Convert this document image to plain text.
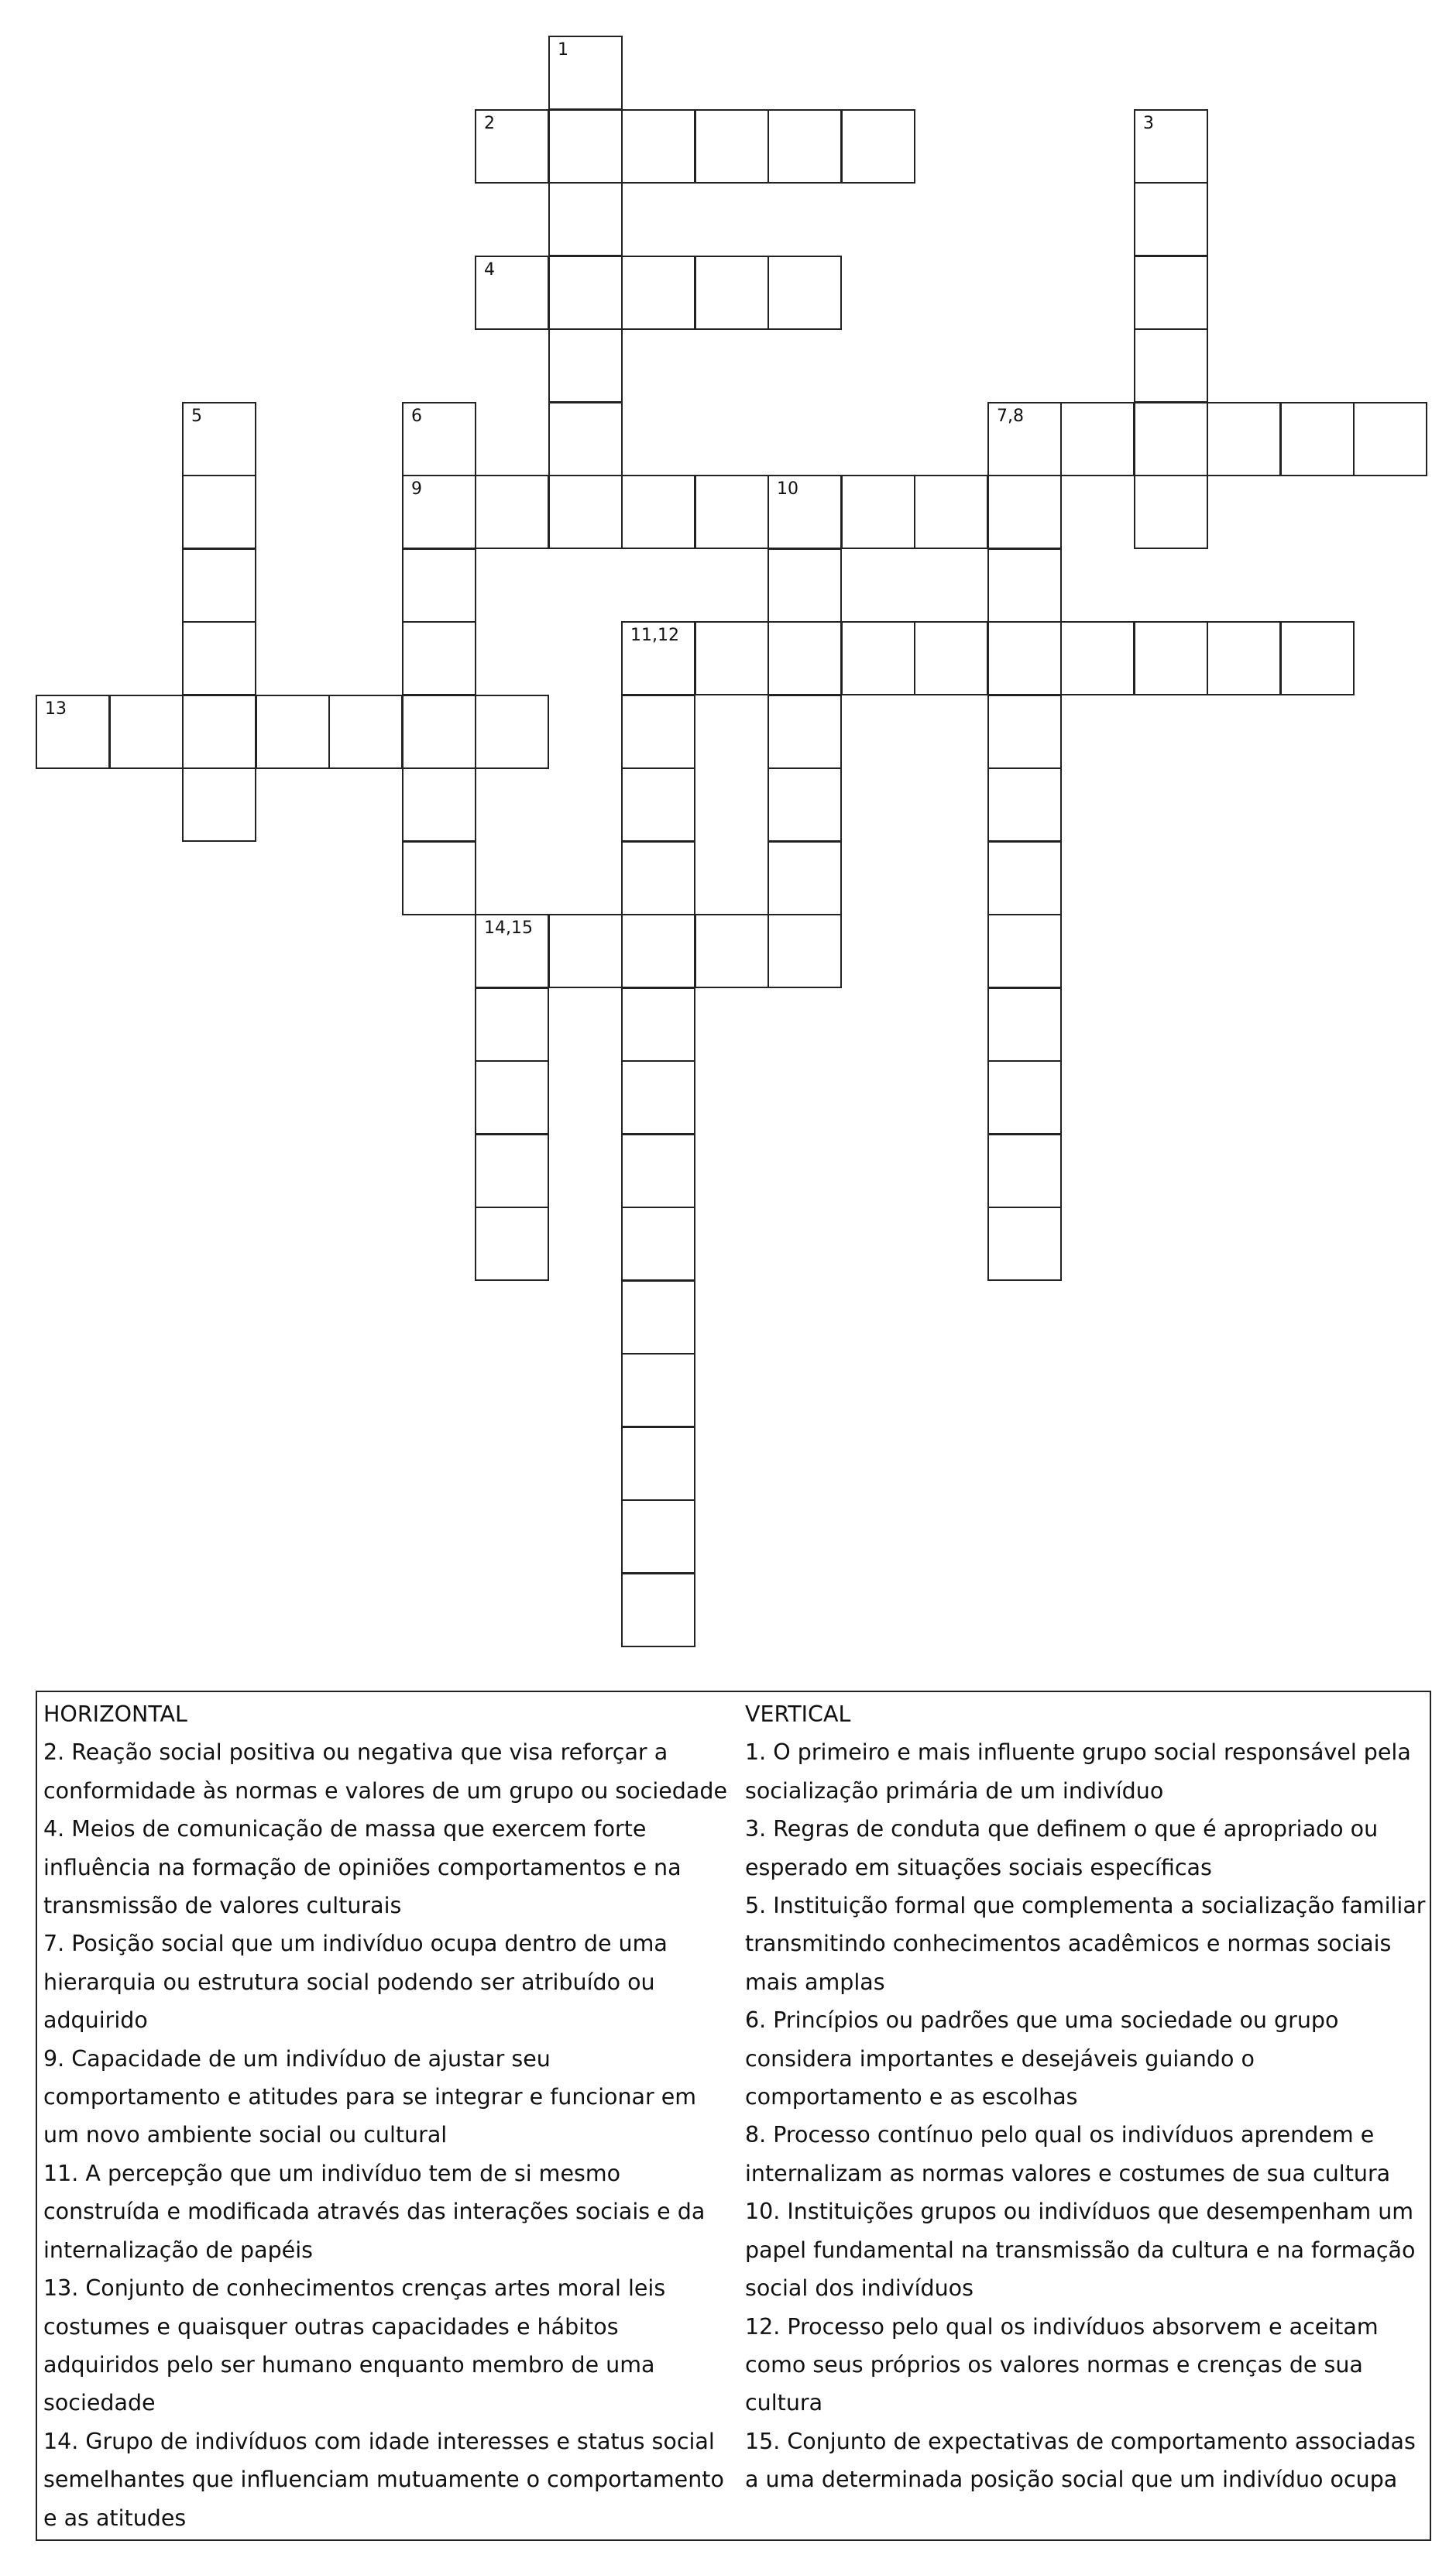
1
2	3
4
5	6	7,8
9	10
11,12
13
14,15
HORIZONTAL
2. Reação social positiva ou negativa que visa reforçar a conformidade às normas e valores de um grupo ou sociedade
4. Meios de comunicação de massa que exercem forte influência na formação de opiniões comportamentos e na transmissão de valores culturais
7. Posição social que um indivíduo ocupa dentro de uma hierarquia ou estrutura social podendo ser atribuído ou adquirido
9. Capacidade de um indivíduo de ajustar seu comportamento e atitudes para se integrar e funcionar em um novo ambiente social ou cultural
11. A percepção que um indivíduo tem de si mesmo construída e modificada através das interações sociais e da internalização de papéis
13. Conjunto de conhecimentos crenças artes moral leis costumes e quaisquer outras capacidades e hábitos adquiridos pelo ser humano enquanto membro de uma sociedade
14. Grupo de indivíduos com idade interesses e status social semelhantes que influenciam mutuamente o comportamento e as atitudes
VERTICAL
1. O primeiro e mais influente grupo social responsável pela socialização primária de um indivíduo
3. Regras de conduta que definem o que é apropriado ou esperado em situações sociais específicas
5. Instituição formal que complementa a socialização familiar transmitindo conhecimentos acadêmicos e normas sociais mais amplas
6. Princípios ou padrões que uma sociedade ou grupo considera importantes e desejáveis guiando o comportamento e as escolhas
8. Processo contínuo pelo qual os indivíduos aprendem e internalizam as normas valores e costumes de sua cultura
10. Instituições grupos ou indivíduos que desempenham um papel fundamental na transmissão da cultura e na formação social dos indivíduos
12. Processo pelo qual os indivíduos absorvem e aceitam como seus próprios os valores normas e crenças de sua cultura
15. Conjunto de expectativas de comportamento associadas a uma determinada posição social que um indivíduo ocupa
